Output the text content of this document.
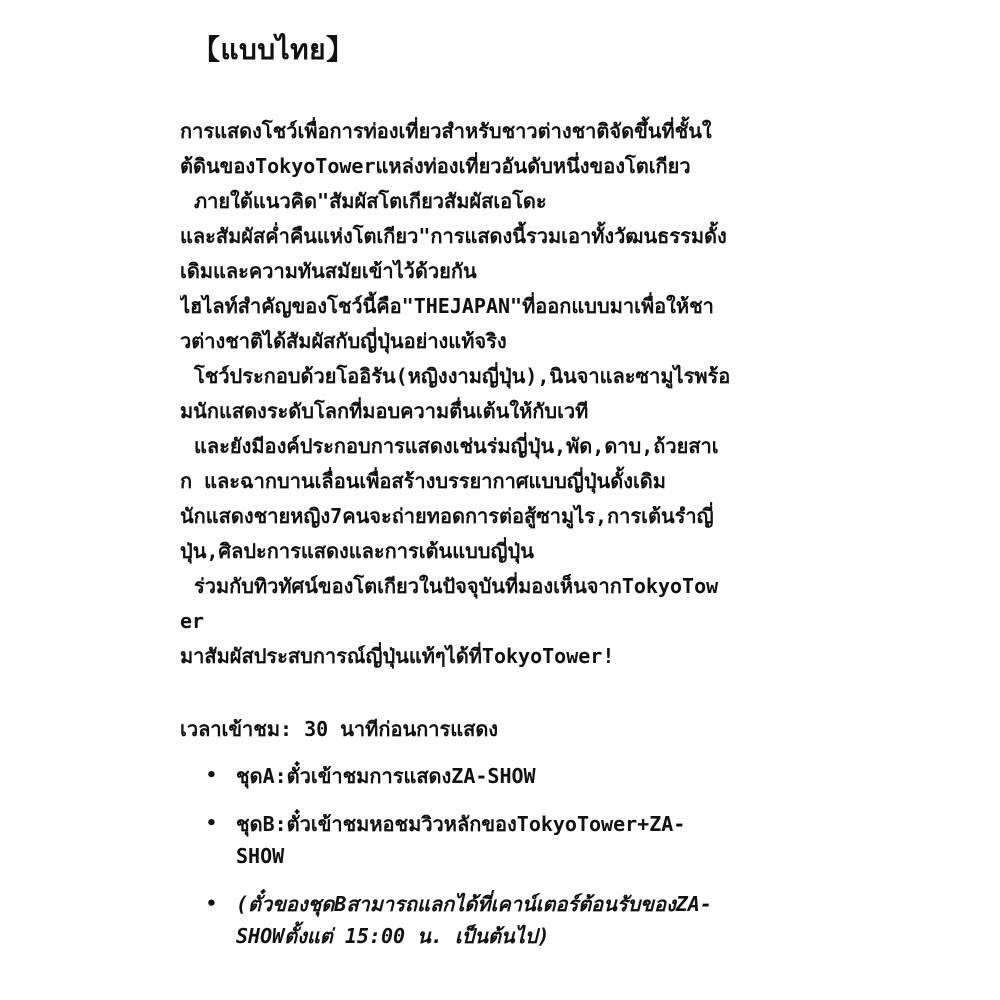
【แบบไทย】
การแสดงโชว์เพื่อการท่องเที่ยวสำหรับชาวต่างชาติจัดขึ้นที่ชั้นใ
ต้ดินของTokyoTowerแหล่งท่องเที่ยวอันดับหนึ่งของโตเกียว
ภายใต้แนวคิด"สัมผัสโตเกียวสัมผัสเอโดะ
และสัมผัสค่ำคืนแห่งโตเกียว"การแสดงนี้รวมเอาทั้งวัฒนธรรมดั้ง
เดิมและความทันสมัยเข้าไว้ด้วยกัน
ไฮไลท์สำคัญของโชว์นี้คือ"THEJAPAN"ที่ออกแบบมาเพื่อให้ชา
วต่างชาติได้สัมผัสกับญี่ปุ่นอย่างแท้จริง
โชว์ประกอบด้วยโออิรัน(หญิงงามญี่ปุ่น),นินจาและซามูไรพร้อ
มนักแสดงระดับโลกที่มอบความตื่นเต้นให้กับเวที
และยังมีองค์ประกอบการแสดงเช่นร่มญี่ปุ่น,พัด,ดาบ,ถ้วยสาเ
ก และฉากบานเลื่อนเพื่อสร้างบรรยากาศแบบญี่ปุ่นดั้งเดิม
นักแสดงชายหญิง7คนจะถ่ายทอดการต่อสู้ซามูไร,การเต้นรำญี่
ปุ่น,ศิลปะการแสดงและการเต้นแบบญี่ปุ่น
ร่วมกับทิวทัศน์ของโตเกียวในปัจจุบันที่มองเห็นจากTokyoTow
er
มาสัมผัสประสบการณ์ญี่ปุ่นแท้ๆได้ที่TokyoTower!
เวลาเข้าชม: 30 นาทีก่อนการแสดง
• ชุดA:ตั๋วเข้าชมการแสดงZA-SHOW
• ชุดB:ตั๋วเข้าชมหอชมวิวหลักของTokyoTower+ZA-
SHOW
• (ตั๋วของชุดBสามารถแลกได้ที่เคาน์เตอร์ต้อนรับของZA-
SHOWตั้งแต่ 15:00 น. เป็นต้นไป)
